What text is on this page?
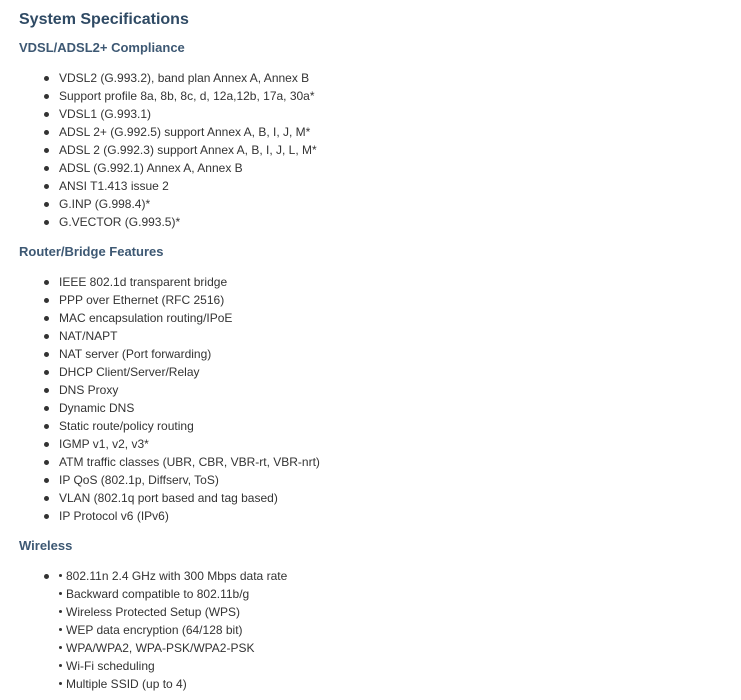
System Specifications
VDSL/ADSL2+ Compliance
VDSL2 (G.993.2), band plan Annex A, Annex B
Support profile 8a, 8b, 8c, d, 12a,12b, 17a, 30a*
VDSL1 (G.993.1)
ADSL 2+ (G.992.5) support Annex A, B, I, J, M*
ADSL 2 (G.992.3) support Annex A, B, I, J, L, M*
ADSL (G.992.1) Annex A, Annex B
ANSI T1.413 issue 2
G.INP (G.998.4)*
G.VECTOR (G.993.5)*
Router/Bridge Features
IEEE 802.1d transparent bridge
PPP over Ethernet (RFC 2516)
MAC encapsulation routing/IPoE
NAT/NAPT
NAT server (Port forwarding)
DHCP Client/Server/Relay
DNS Proxy
Dynamic DNS
Static route/policy routing
IGMP v1, v2, v3*
ATM traffic classes (UBR, CBR, VBR-rt, VBR-nrt)
IP QoS (802.1p, Diffserv, ToS)
VLAN (802.1q port based and tag based)
IP Protocol v6 (IPv6)
Wireless
802.11n 2.4 GHz with 300 Mbps data rate
Backward compatible to 802.11b/g
Wireless Protected Setup (WPS)
WEP data encryption (64/128 bit)
WPA/WPA2, WPA-PSK/WPA2-PSK
Wi-Fi scheduling
Multiple SSID (up to 4)
